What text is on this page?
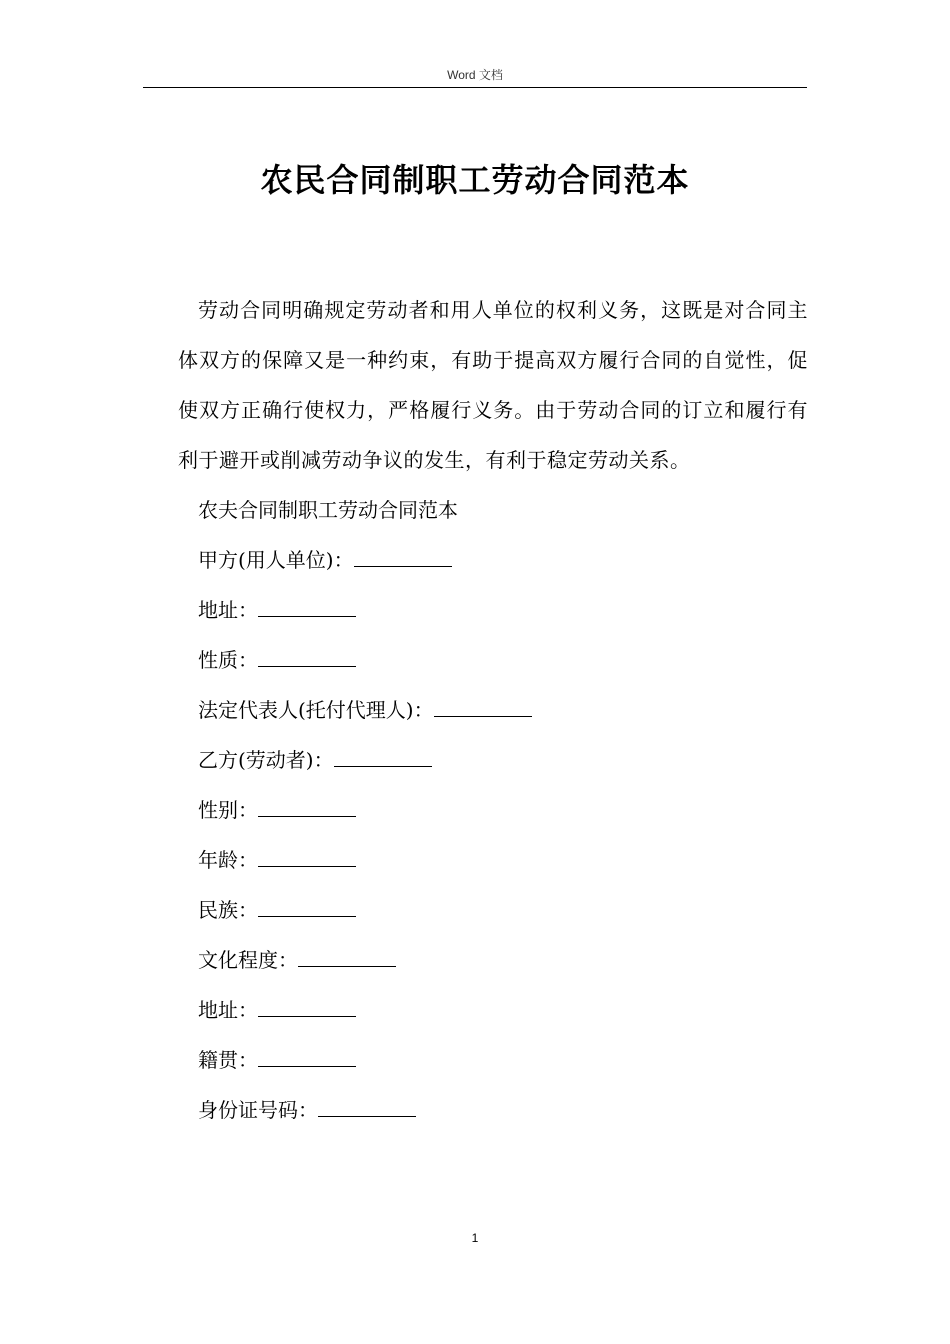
Word 文档
农民合同制职工劳动合同范本

劳动合同明确规定劳动者和用人单位的权利义务，这既是对合同主体双方的保障又是一种约束，有助于提高双方履行合同的自觉性，促使双方正确行使权力，严格履行义务。由于劳动合同的订立和履行有利于避开或削减劳动争议的发生，有利于稳定劳动关系。

农夫合同制职工劳动合同范本

甲方(用人单位)：

地址：

性质：

法定代表人(托付代理人)：

乙方(劳动者)：

性别：

年龄：

民族：

文化程度：

地址：

籍贯：

身份证号码：

1
